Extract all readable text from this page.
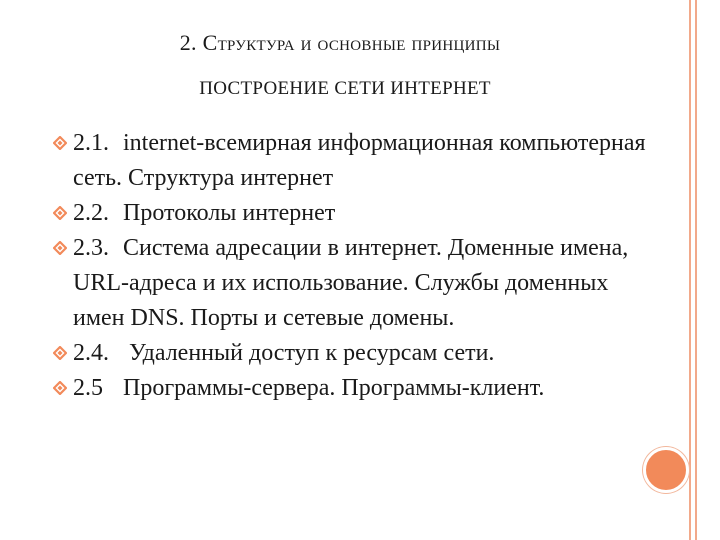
2. Структура и основные принципы
ПОСТРОЕНИЕ СЕТИ ИНТЕРНЕТ
2.1. internet-всемирная информационная компьютерная сеть. Структура интернет
2.2. Протоколы интернет
2.3. Система адресации в интернет. Доменные имена, URL-адреса и их использование. Службы доменных имен DNS. Порты и сетевые домены.
2.4. Удаленный доступ к ресурсам сети.
2.5 Программы-сервера. Программы-клиент.
